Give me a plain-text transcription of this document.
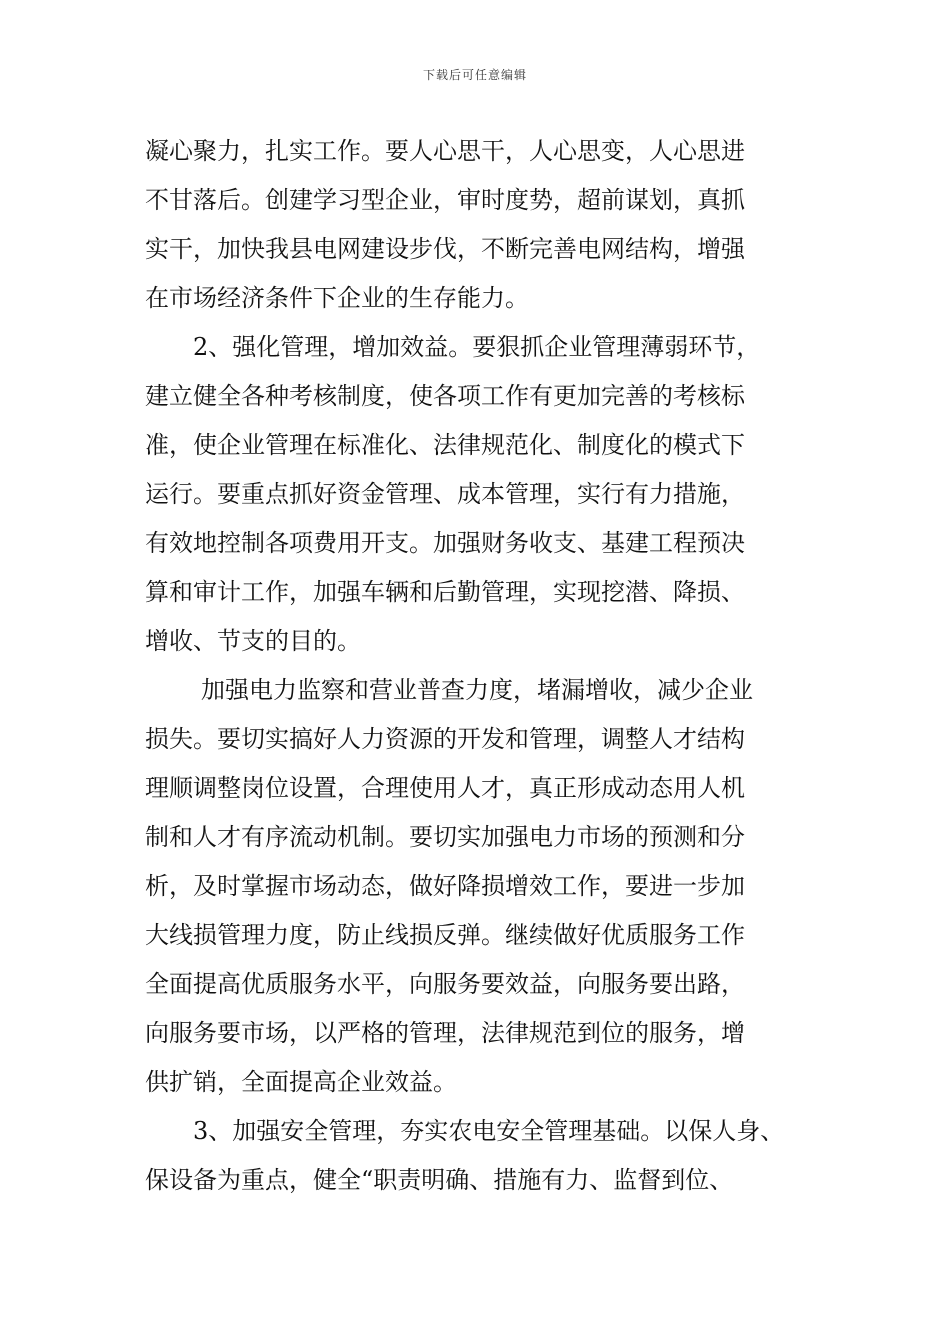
下载后可任意编辑
凝心聚力，扎实工作。要人心思干，人心思变，人心思进
不甘落后。创建学习型企业，审时度势，超前谋划，真抓
实干，加快我县电网建设步伐，不断完善电网结构，增强
在市场经济条件下企业的生存能力。
2、强化管理，增加效益。要狠抓企业管理薄弱环节，
建立健全各种考核制度，使各项工作有更加完善的考核标
准，使企业管理在标准化、法律规范化、制度化的模式下
运行。要重点抓好资金管理、成本管理，实行有力措施，
有效地控制各项费用开支。加强财务收支、基建工程预决
算和审计工作，加强车辆和后勤管理，实现挖潜、降损、
增收、节支的目的。
加强电力监察和营业普查力度，堵漏增收，减少企业
损失。要切实搞好人力资源的开发和管理，调整人才结构
理顺调整岗位设置，合理使用人才，真正形成动态用人机
制和人才有序流动机制。要切实加强电力市场的预测和分
析，及时掌握市场动态，做好降损增效工作，要进一步加
大线损管理力度，防止线损反弹。继续做好优质服务工作
全面提高优质服务水平，向服务要效益，向服务要出路，
向服务要市场，以严格的管理，法律规范到位的服务，增
供扩销，全面提高企业效益。
3、加强安全管理，夯实农电安全管理基础。以保人身、
保设备为重点，健全“职责明确、措施有力、监督到位、
